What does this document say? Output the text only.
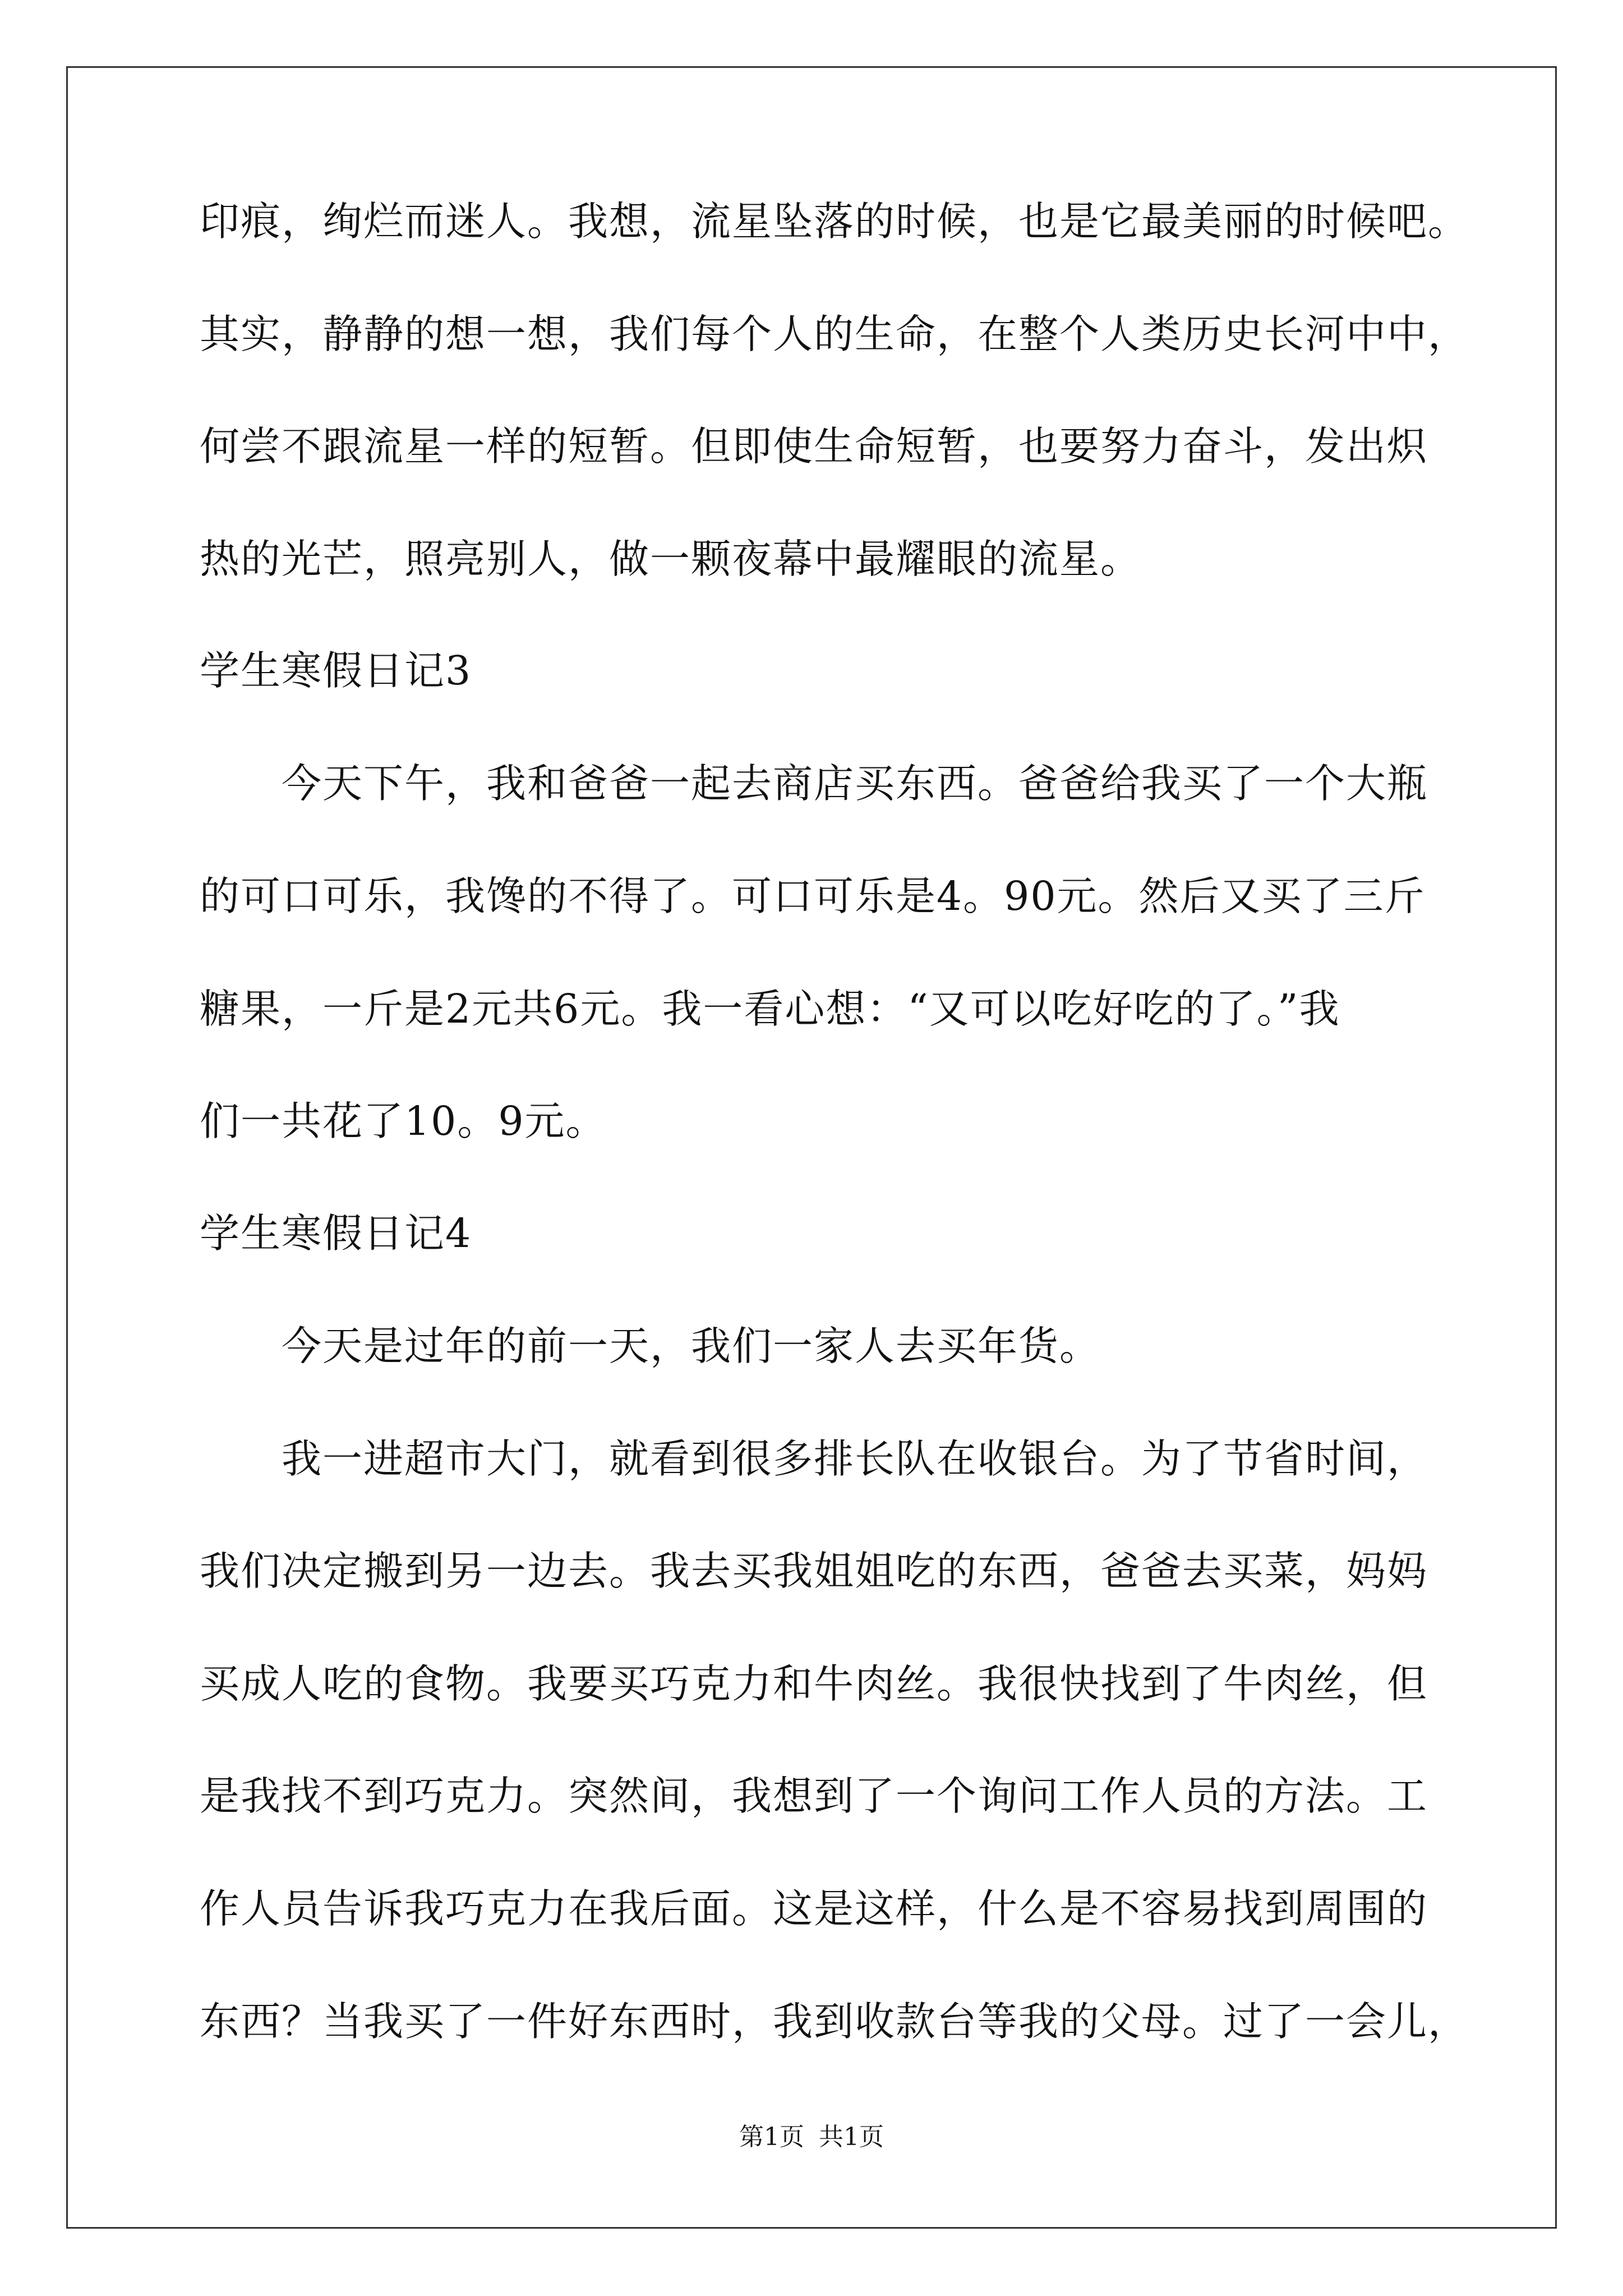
印痕，绚烂而迷人。我想，流星坠落的时候，也是它最美丽的时候吧。
其实，静静的想一想，我们每个人的生命，在整个人类历史长河中中，
何尝不跟流星一样的短暂。但即使生命短暂，也要努力奋斗，发出炽
热的光芒，照亮别人，做一颗夜幕中最耀眼的流星。
学生寒假日记3
　　今天下午，我和爸爸一起去商店买东西。爸爸给我买了一个大瓶
的可口可乐，我馋的不得了。可口可乐是4。90元。然后又买了三斤
糖果，一斤是2元共6元。我一看心想：“又可以吃好吃的了。”我
们一共花了10。9元。
学生寒假日记4
　　今天是过年的前一天，我们一家人去买年货。
　　我一进超市大门，就看到很多排长队在收银台。为了节省时间，
我们决定搬到另一边去。我去买我姐姐吃的东西，爸爸去买菜，妈妈
买成人吃的食物。我要买巧克力和牛肉丝。我很快找到了牛肉丝，但
是我找不到巧克力。突然间，我想到了一个询问工作人员的方法。工
作人员告诉我巧克力在我后面。这是这样，什么是不容易找到周围的
东西？当我买了一件好东西时，我到收款台等我的父母。过了一会儿，
第1页 共1页
